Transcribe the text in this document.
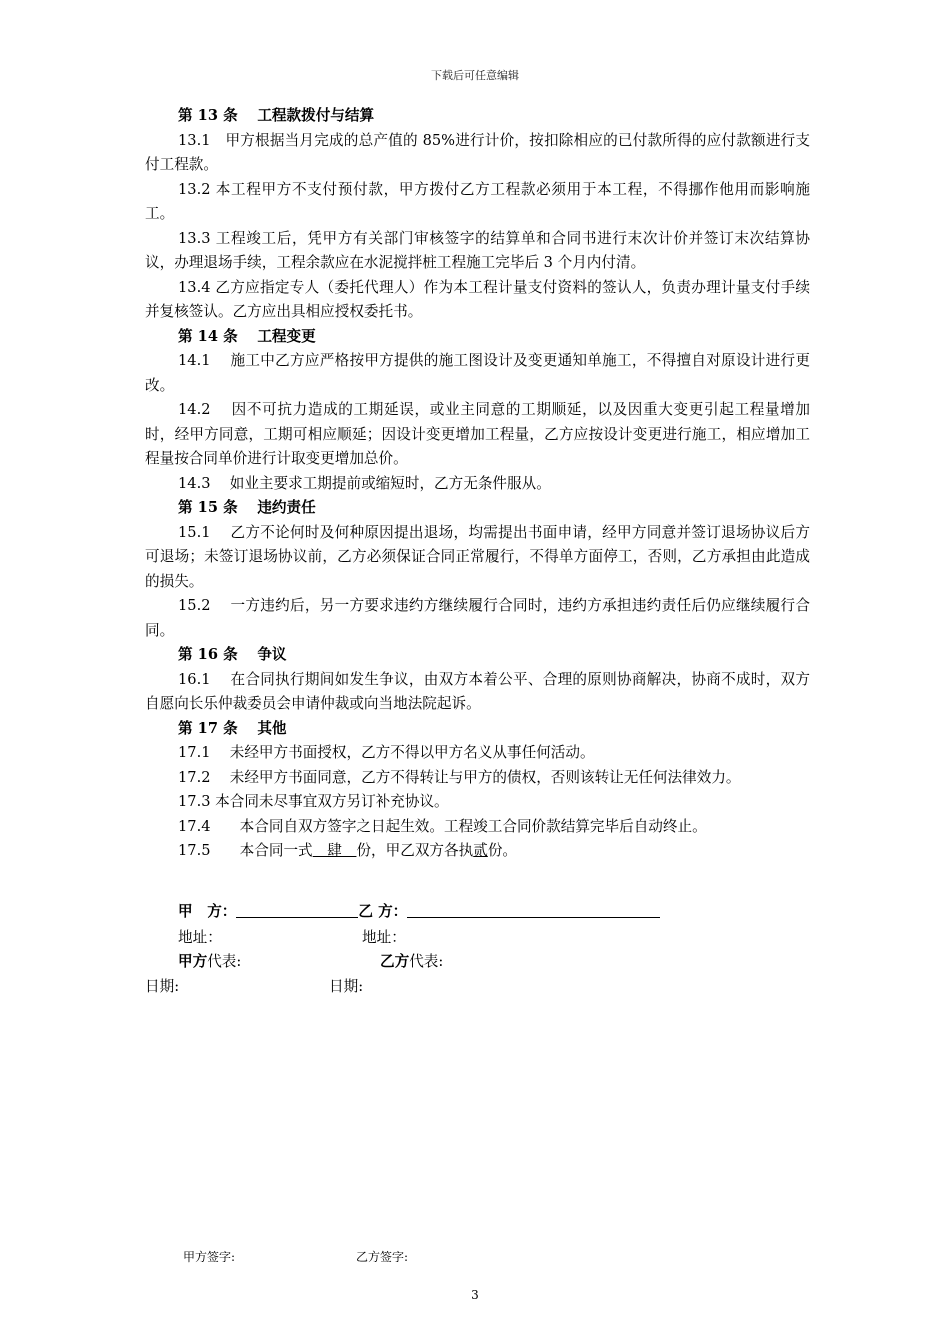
下载后可任意编辑

第 13 条　 工程款拨付与结算

13.1　甲方根据当月完成的总产值的 85%进行计价，按扣除相应的已付款所得的应付款额进行支付工程款。

13.2 本工程甲方不支付预付款，甲方拨付乙方工程款必须用于本工程，不得挪作他用而影响施工。

13.3 工程竣工后，凭甲方有关部门审核签字的结算单和合同书进行末次计价并签订末次结算协议，办理退场手续，工程余款应在水泥搅拌桩工程施工完毕后 3 个月内付清。

13.4 乙方应指定专人（委托代理人）作为本工程计量支付资料的签认人，负责办理计量支付手续并复核签认。乙方应出具相应授权委托书。

第 14 条　 工程变更

14.1　 施工中乙方应严格按甲方提供的施工图设计及变更通知单施工，不得擅自对原设计进行更改。

14.2　 因不可抗力造成的工期延误，或业主同意的工期顺延，以及因重大变更引起工程量增加时，经甲方同意，工期可相应顺延；因设计变更增加工程量，乙方应按设计变更进行施工，相应增加工程量按合同单价进行计取变更增加总价。

14.3　 如业主要求工期提前或缩短时，乙方无条件服从。

第 15 条　 违约责任

15.1　 乙方不论何时及何种原因提出退场，均需提出书面申请，经甲方同意并签订退场协议后方可退场；未签订退场协议前，乙方必须保证合同正常履行，不得单方面停工，否则，乙方承担由此造成的损失。

15.2　 一方违约后，另一方要求违约方继续履行合同时，违约方承担违约责任后仍应继续履行合同。

第 16 条　 争议

16.1　 在合同执行期间如发生争议，由双方本着公平、合理的原则协商解决，协商不成时，双方自愿向长乐仲裁委员会申请仲裁或向当地法院起诉。

第 17 条　 其他

17.1　 未经甲方书面授权，乙方不得以甲方名义从事任何活动。

17.2　 未经甲方书面同意，乙方不得转让与甲方的债权，否则该转让无任何法律效力。

17.3 本合同未尽事宜双方另订补充协议。

17.4　　本合同自双方签字之日起生效。工程竣工合同价款结算完毕后自动终止。

17.5　　本合同一式　肆　份，甲乙双方各执贰份。

甲　方：	乙 方：
地址：	地址：
甲方代表:	乙方代表:
日期:	日期:
甲方签字:	乙方签字:
3
